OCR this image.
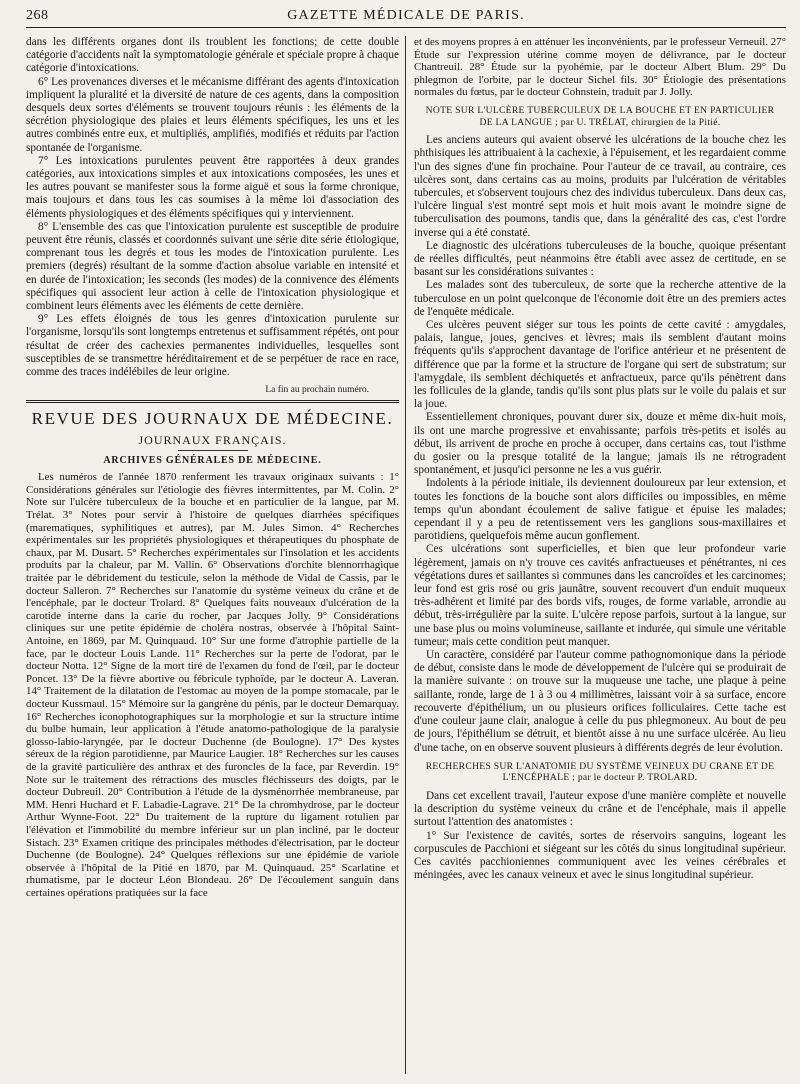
268	GAZETTE MÉDICALE DE PARIS.

dans les différents organes dont ils troublent les fonctions; de cette double catégorie d'accidents naît la symptomatologie générale et spéciale propre à chaque catégorie d'intoxications.

6° Les provenances diverses et le mécanisme différant des agents d'intoxication impliquent la pluralité et la diversité de nature de ces agents, dans la composition desquels deux sortes d'éléments se trouvent toujours réunis : les éléments de la sécrétion physiologique des plaies et leurs éléments spécifiques, les uns et les autres combinés entre eux, et multipliés, amplifiés, modifiés et réduits par l'action spontanée de l'organisme.

7° Les intoxications purulentes peuvent être rapportées à deux grandes catégories, aux intoxications simples et aux intoxications composées, les unes et les autres pouvant se manifester sous la forme aiguë et sous la forme chronique, mais toujours et dans tous les cas soumises à la même loi d'association des éléments physiologiques et des éléments spécifiques qui y interviennent.

8° L'ensemble des cas que l'intoxication purulente est susceptible de produire peuvent être réunis, classés et coordonnés suivant une série dite série étiologique, comprenant tous les degrés et tous les modes de l'intoxication purulente. Les premiers (degrés) résultant de la somme d'action absolue variable en intensité et en durée de l'intoxication; les seconds (les modes) de la connivence des éléments spécifiques qui associent leur action à celle de l'intoxication physiologique et combinent leurs éléments avec les éléments de cette dernière.

9° Les effets éloignés de tous les genres d'intoxication purulente sur l'organisme, lorsqu'ils sont longtemps entretenus et suffisamment répétés, ont pour résultat de créer des cachexies permanentes individuelles, lesquelles sont susceptibles de se transmettre héréditairement et de se perpétuer de race en race, comme des traces indélébiles de leur origine.

La fin au prochain numéro.
REVUE DES JOURNAUX DE MÉDECINE.
JOURNAUX FRANÇAIS.
ARCHIVES GÉNÉRALES DE MÉDECINE.

Les numéros de l'année 1870 renferment les travaux originaux suivants : 1° Considérations générales sur l'étiologie des fièvres intermittentes, par M. Colin. 2° Note sur l'ulcère tuberculeux de la bouche et en particulier de la langue, par M. Trélat. 3° Notes pour servir à l'histoire de quelques diarrhées spécifiques (marematiques, syphilitiques et autres), par M. Jules Simon. 4° Recherches expérimentales sur les propriétés physiologiques et thérapeutiques du phosphate de chaux, par M. Dusart. 5° Recherches expérimentales sur l'insolation et les accidents produits par la chaleur, par M. Vallin. 6° Observations d'orchite blennorrhagique traitée par le débridement du testicule, selon la méthode de Vidal de Cassis, par le docteur Salleron. 7° Recherches sur l'anatomie du système veineux du crâne et de l'encéphale, par le docteur Trolard. 8° Quelques faits nouveaux d'ulcération de la carotide interne dans la carie du rocher, par Jacques Jolly. 9° Considérations cliniques sur une petite épidémie de choléra nostras, observée à l'hôpital Saint-Antoine, en 1869, par M. Quinquaud. 10° Sur une forme d'atrophie partielle de la face, par le docteur Louis Lande. 11° Recherches sur la perte de l'odorat, par le docteur Notta. 12° Signe de la mort tiré de l'examen du fond de l'œil, par le docteur Poncet. 13° De la fièvre abortive ou fébricule typhoïde, par le docteur A. Laveran. 14° Traitement de la dilatation de l'estomac au moyen de la pompe stomacale, par le docteur Kussmaul. 15° Mémoire sur la gangrène du pénis, par le docteur Demarquay. 16° Recherches iconophotographiques sur la morphologie et sur la structure intime du bulbe humain, leur application à l'étude anatomo-pathologique de la paralysie glosso-labio-laryngée, par le docteur Duchenne (de Boulogne). 17° Des kystes séreux de la région parotidienne, par Maurice Laugier. 18° Recherches sur les causes de la gravité particulière des anthrax et des furoncles de la face, par Reverdin. 19° Note sur le traitement des rétractions des muscles fléchisseurs des doigts, par le docteur Dubreuil. 20° Contribution à l'étude de la dysménorrhée membraneuse, par MM. Henri Huchard et F. Labadie-Lagrave. 21° De la chromhydrose, par le docteur Arthur Wynne-Foot. 22° Du traitement de la rupture du ligament rotulien par l'élévation et l'immobilité du membre inférieur sur un plan incliné, par le docteur Sistach. 23° Examen critique des principales méthodes d'électrisation, par le docteur Duchenne (de Boulogne). 24° Quelques réflexions sur une épidémie de variole observée à l'hôpital de la Pitié en 1870, par M. Quinquaud. 25° Scarlatine et rhumatisme, par le docteur Léon Blondeau. 26° De l'écoulement sanguin dans certaines opérations pratiquées sur la face

et des moyens propres à en atténuer les inconvénients, par le professeur Verneuil. 27° Étude sur l'expression utérine comme moyen de délivrance, par le docteur Chantreuil. 28° Étude sur la pyohémie, par le docteur Albert Blum. 29° Du phlegmon de l'orbite, par le docteur Sichel fils. 30° Étiologie des présentations normales du fœtus, par le docteur Cohnstein, traduit par J. Jolly.

NOTE SUR L'ULCÈRE TUBERCULEUX DE LA BOUCHE ET EN PARTICULIER DE LA LANGUE ; par U. TRÉLAT, chirurgien de la Pitié.

Les anciens auteurs qui avaient observé les ulcérations de la bouche chez les phthisiques les attribuaient à la cachexie, à l'épuisement, et les regardaient comme l'un des signes d'une fin prochaine. Pour l'auteur de ce travail, au contraire, ces ulcères sont, dans certains cas au moins, produits par l'ulcération de véritables tubercules, et s'observent toujours chez des individus tuberculeux. Dans deux cas, l'ulcère lingual s'est montré sept mois et huit mois avant le moindre signe de tuberculisation des poumons, tandis que, dans la généralité des cas, c'est l'ordre inverse qui a été constaté.

Le diagnostic des ulcérations tuberculeuses de la bouche, quoique présentant de réelles difficultés, peut néanmoins être établi avec assez de certitude, en se basant sur les considérations suivantes :

Les malades sont des tuberculeux, de sorte que la recherche attentive de la tuberculose en un point quelconque de l'économie doit être un des premiers actes de l'enquête médicale.

Ces ulcères peuvent siéger sur tous les points de cette cavité : amygdales, palais, langue, joues, gencives et lèvres; mais ils semblent d'autant moins fréquents qu'ils s'approchent davantage de l'orifice antérieur et ne présentent de différence que par la forme et la structure de l'organe qui sert de substratum; sur l'amygdale, ils semblent déchiquetés et anfractueux, parce qu'ils pénètrent dans les follicules de la glande, tandis qu'ils sont plus plats sur le voile du palais et sur la joue.

Essentiellement chroniques, pouvant durer six, douze et même dix-huit mois, ils ont une marche progressive et envahissante; parfois très-petits et isolés au début, ils arrivent de proche en proche à occuper, dans certains cas, tout l'isthme du gosier ou la presque totalité de la langue; jamais ils ne rétrogradent spontanément, et jusqu'ici personne ne les a vus guérir.

Indolents à la période initiale, ils deviennent douloureux par leur extension, et toutes les fonctions de la bouche sont alors difficiles ou impossibles, en même temps qu'un abondant écoulement de salive fatigue et épuise les malades; cependant il y a peu de retentissement vers les ganglions sous-maxillaires et parotidiens, quelquefois même aucun gonflement.

Ces ulcérations sont superficielles, et bien que leur profondeur varie légèrement, jamais on n'y trouve ces cavités anfractueuses et pénétrantes, ni ces végétations dures et saillantes si communes dans les cancroïdes et les carcinomes; leur fond est gris rosé ou gris jaunâtre, souvent recouvert d'un enduit muqueux très-adhérent et limité par des bords vifs, rouges, de forme variable, arrondie au début, très-irrégulière par la suite. L'ulcère repose parfois, surtout à la langue, sur une base plus ou moins volumineuse, saillante et indurée, qui simule une véritable tumeur; mais cette condition peut manquer.

Un caractère, considéré par l'auteur comme pathognomonique dans la période de début, consiste dans le mode de développement de l'ulcère qui se produirait de la manière suivante : on trouve sur la muqueuse une tache, une plaque à peine saillante, ronde, large de 1 à 3 ou 4 millimètres, laissant voir à sa surface, encore recouverte d'épithélium, un ou plusieurs orifices folliculaires. Cette tache est d'une couleur jaune clair, analogue à celle du pus phlegmoneux. Au bout de peu de jours, l'épithélium se détruit, et bientôt aisse à nu une surface ulcérée. Au lieu d'une tache, on en observe souvent plusieurs à différents degrés de leur évolution.

RECHERCHES SUR L'ANATOMIE DU SYSTÈME VEINEUX DU CRANE ET DE L'ENCÉPHALE ; par le docteur P. TROLARD.

Dans cet excellent travail, l'auteur expose d'une manière complète et nouvelle la description du système veineux du crâne et de l'encéphale, mais il appelle surtout l'attention des anatomistes :

1° Sur l'existence de cavités, sortes de réservoirs sanguins, logeant les corpuscules de Pacchioni et siégeant sur les côtés du sinus longitudinal supérieur. Ces cavités pacchioniennes communiquent avec les veines cérébrales et méningées, avec les canaux veineux et avec le sinus longitudinal supérieur.
